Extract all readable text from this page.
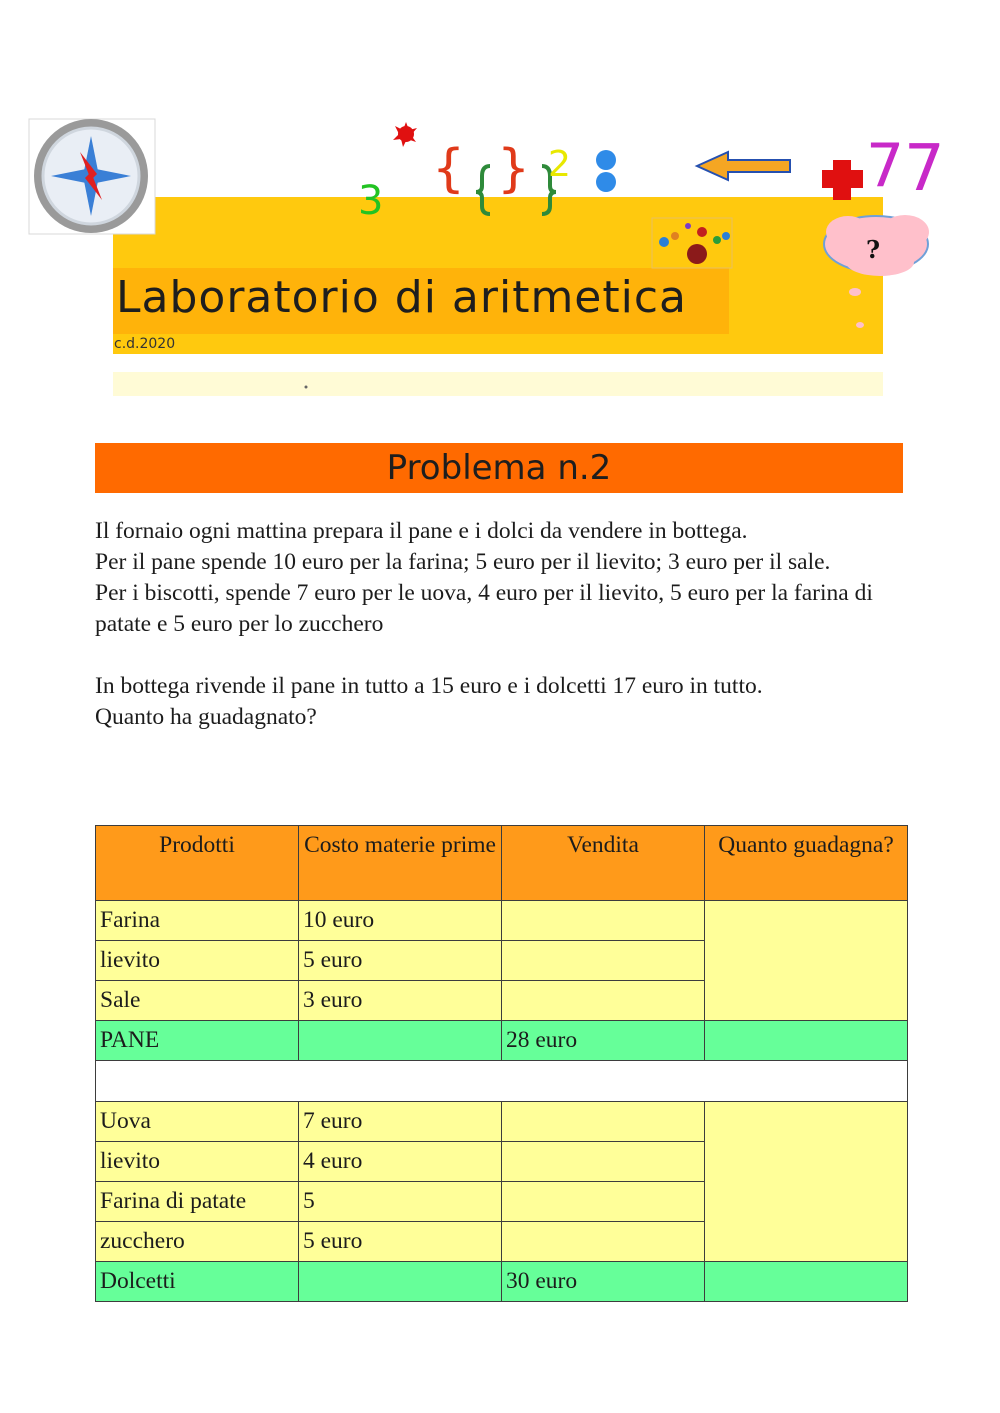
Laboratorio di aritmetica
c.d.2020
3
{ } 2	7 7
?
Problema n.2

Il fornaio ogni mattina prepara il pane e i dolci da vendere in bottega.

Per il pane spende 10 euro per la farina; 5 euro per il lievito; 3 euro per il sale.

Per i biscotti, spende 7 euro per le uova, 4 euro per il lievito, 5 euro per la farina di patate e 5 euro per lo zucchero

In bottega rivende il pane in tutto a 15 euro e i dolcetti 17 euro in tutto.

Quanto ha guadagnato?

Prodotti	Costo materie prime	Vendita	Quanto guadagna?
Farina	10 euro		
lievito	5 euro		
Sale	3 euro		
PANE		28 euro	

Uova	7 euro		
lievito	4 euro		
Farina di patate	5		
zucchero	5 euro		
Dolcetti		30 euro	
